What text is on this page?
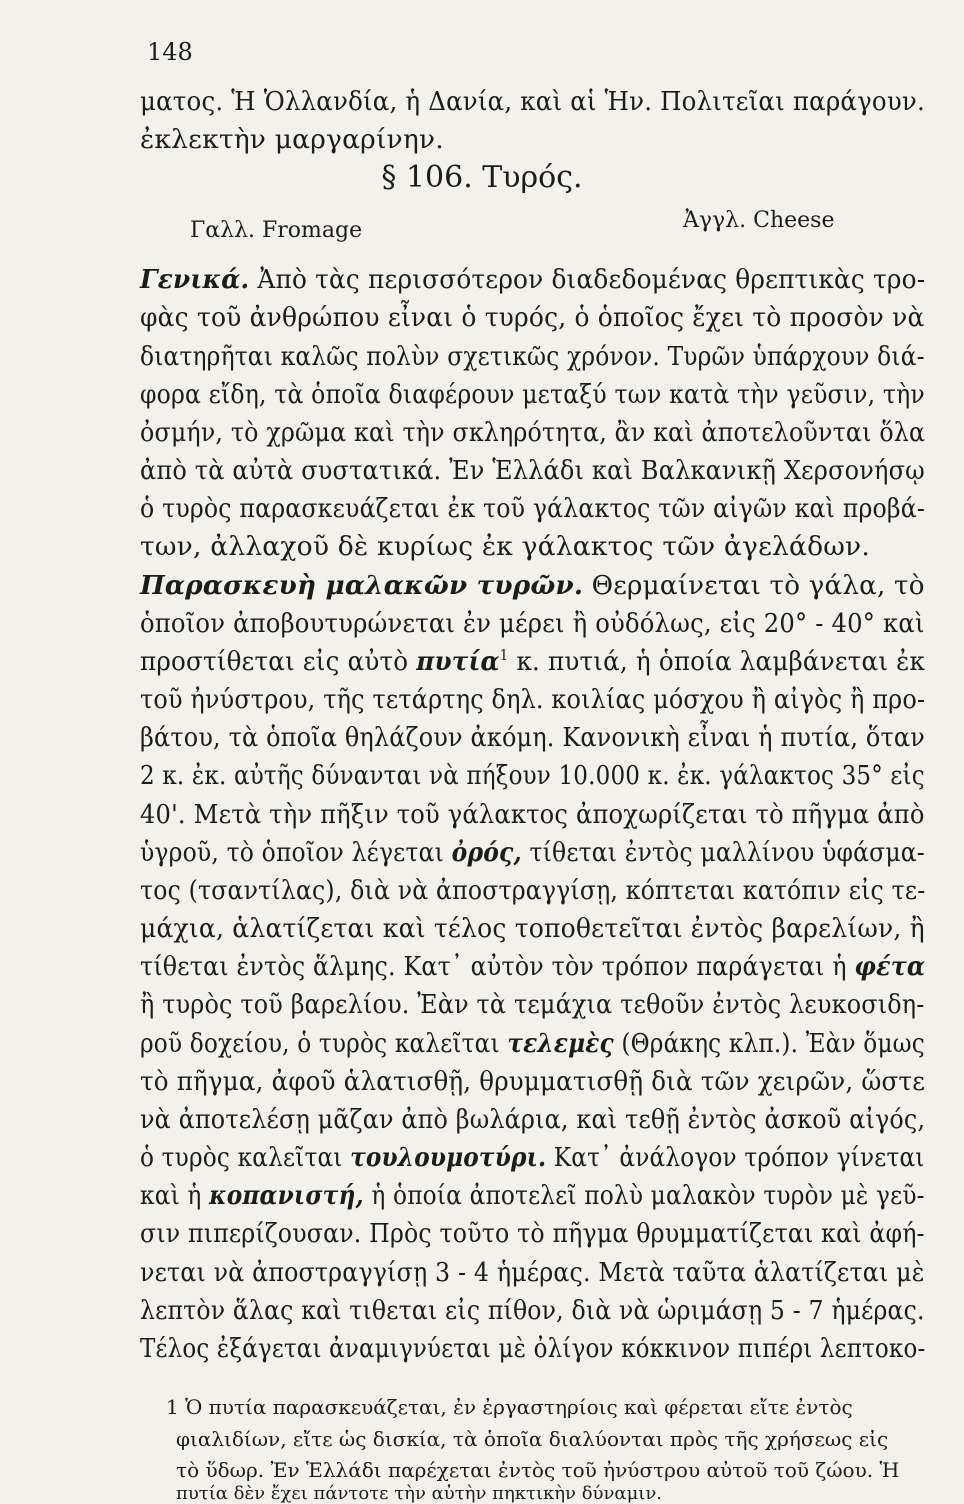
148
ματος. Ἡ Ὁλλανδία, ἡ Δανία, καὶ αἱ Ἡν. Πολιτεῖαι παράγουν.
ἐκλεκτὴν μαργαρίνην.
§ 106. Τυρός.
Γαλλ. Fromage	Ἀγγλ. Cheese
Γενικά. Ἀπὸ τὰς περισσότερον διαδεδομένας θρεπτικὰς τρο-
φὰς τοῦ ἀνθρώπου εἶναι ὁ τυρός, ὁ ὁποῖος ἔχει τὸ προσὸν νὰ
διατηρῆται καλῶς πολὺν σχετικῶς χρόνον. Τυρῶν ὑπάρχουν διά-
φορα εἴδη, τὰ ὁποῖα διαφέρουν μεταξύ των κατὰ τὴν γεῦσιν, τὴν
ὀσμήν, τὸ χρῶμα καὶ τὴν σκληρότητα, ἂν καὶ ἀποτελοῦνται ὅλα
ἀπὸ τὰ αὐτὰ συστατικά. Ἐν Ἑλλάδι καὶ Βαλκανικῇ Χερσονήσῳ
ὁ τυρὸς παρασκευάζεται ἐκ τοῦ γάλακτος τῶν αἰγῶν καὶ προβά-
των, ἀλλαχοῦ δὲ κυρίως ἐκ γάλακτος τῶν ἀγελάδων.
Παρασκευὴ μαλακῶν τυρῶν. Θερμαίνεται τὸ γάλα, τὸ
ὁποῖον ἀποβουτυρώνεται ἐν μέρει ἢ οὐδόλως, εἰς 20° - 40° καὶ
προστίθεται εἰς αὐτὸ πυτία$^1$ κ. πυτιά, ἡ ὁποία λαμβάνεται ἐκ
τοῦ ἠνύστρου, τῆς τετάρτης δηλ. κοιλίας μόσχου ἢ αἰγὸς ἢ προ-
βάτου, τὰ ὁποῖα θηλάζουν ἀκόμη. Κανονικὴ εἶναι ἡ πυτία, ὅταν
2 κ. ἐκ. αὐτῆς δύνανται νὰ πήξουν 10.000 κ. ἐκ. γάλακτος 35° εἰς
40'. Μετὰ τὴν πῆξιν τοῦ γάλακτος ἀποχωρίζεται τὸ πῆγμα ἀπὸ
ὑγροῦ, τὸ ὁποῖον λέγεται ὀρός, τίθεται ἐντὸς μαλλίνου ὑφάσμα-
τος (τσαντίλας), διὰ νὰ ἀποστραγγίσῃ, κόπτεται κατόπιν εἰς τε-
μάχια, ἁλατίζεται καὶ τέλος τοποθετεῖται ἐντὸς βαρελίων, ἢ
τίθεται ἐντὸς ἅλμης. Κατ᾽ αὐτὸν τὸν τρόπον παράγεται ἡ φέτα
ἢ τυρὸς τοῦ βαρελίου. Ἐὰν τὰ τεμάχια τεθοῦν ἐντὸς λευκοσιδη-
ροῦ δοχείου, ὁ τυρὸς καλεῖται τελεμὲς (Θράκης κλπ.). Ἐὰν ὅμως
τὸ πῆγμα, ἀφοῦ ἁλατισθῇ, θρυμματισθῇ διὰ τῶν χειρῶν, ὥστε
νὰ ἀποτελέσῃ μᾶζαν ἀπὸ βωλάρια, καὶ τεθῇ ἐντὸς ἀσκοῦ αἰγός,
ὁ τυρὸς καλεῖται τουλουμοτύρι. Κατ᾽ ἀνάλογον τρόπον γίνεται
καὶ ἡ κοπανιστή, ἡ ὁποία ἀποτελεῖ πολὺ μαλακὸν τυρὸν μὲ γεῦ-
σιν πιπερίζουσαν. Πρὸς τοῦτο τὸ πῆγμα θρυμματίζεται καὶ ἀφή-
νεται νὰ ἀποστραγγίσῃ 3 - 4 ἡμέρας. Μετὰ ταῦτα ἁλατίζεται μὲ
λεπτὸν ἅλας καὶ τιθεται εἰς πίθον, διὰ νὰ ὡριμάσῃ 5 - 7 ἡμέρας.
Τέλος ἐξάγεται ἀναμιγνύεται μὲ ὀλίγον κόκκινον πιπέρι λεπτοκο-
1 Ὁ πυτία παρασκευάζεται, ἐν ἐργαστηρίοις καὶ φέρεται εἴτε ἐντὸς
φιαλιδίων, εἴτε ὡς δισκία, τὰ ὁποῖα διαλύονται πρὸς τῆς χρήσεως εἰς
τὸ ὕδωρ. Ἐν Ἑλλάδι παρέχεται ἐντὸς τοῦ ἠνύστρου αὐτοῦ τοῦ ζώου. Ἡ
πυτία δὲν ἔχει πάντοτε τὴν αὐτὴν πηκτικὴν δύναμιν.
